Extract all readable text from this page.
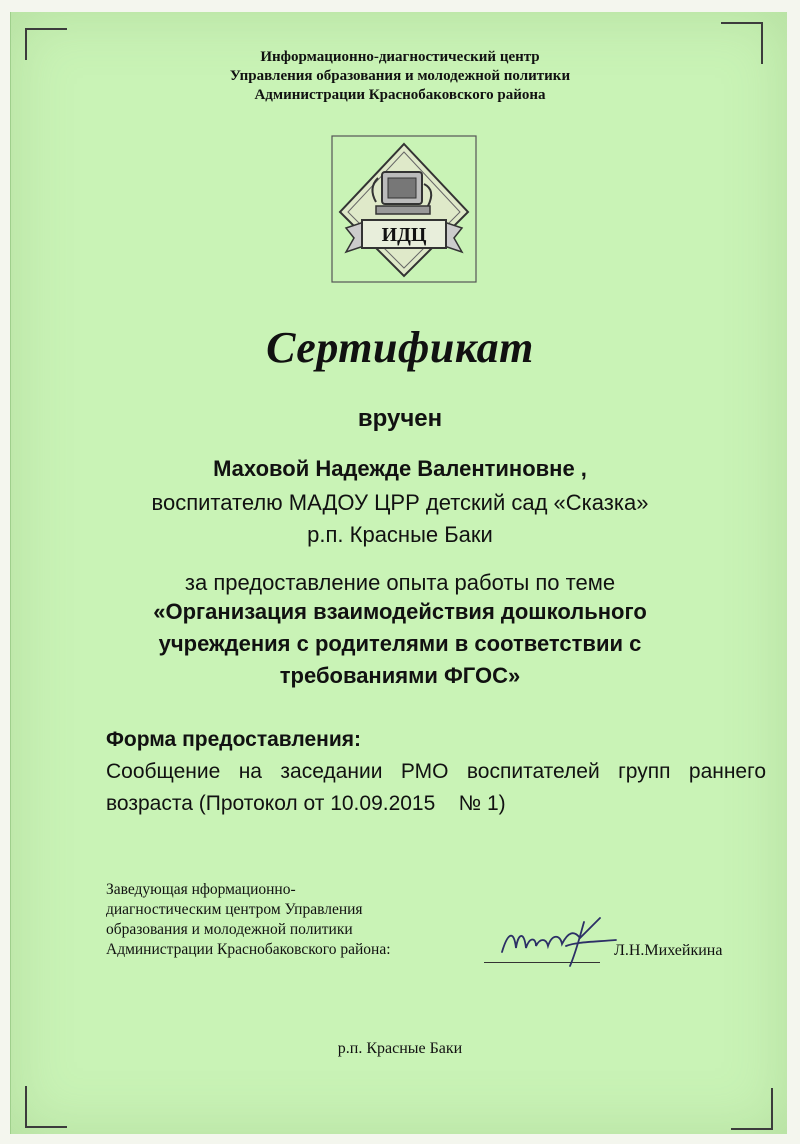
Информационно-диагностический центр
Управления образования и молодежной политики
Администрации Краснобаковского района
ИДЦ
Сертификат
вручен
Маховой Надежде Валентиновне ,
воспитателю МАДОУ ЦРР детский сад «Сказка»
р.п. Красные Баки
за предоставление опыта работы по теме
«Организация взаимодействия дошкольного
учреждения с родителями в соответствии с
требованиями ФГОС»
Форма предоставления:
Сообщение на заседании РМО воспитателей групп раннего
возраста (Протокол от 10.09.2015    № 1)
Заведующая нформационно-
диагностическим центром Управления
образования и молодежной политики
Администрации Краснобаковского района:	Л.Н.Михейкина
р.п. Красные Баки
